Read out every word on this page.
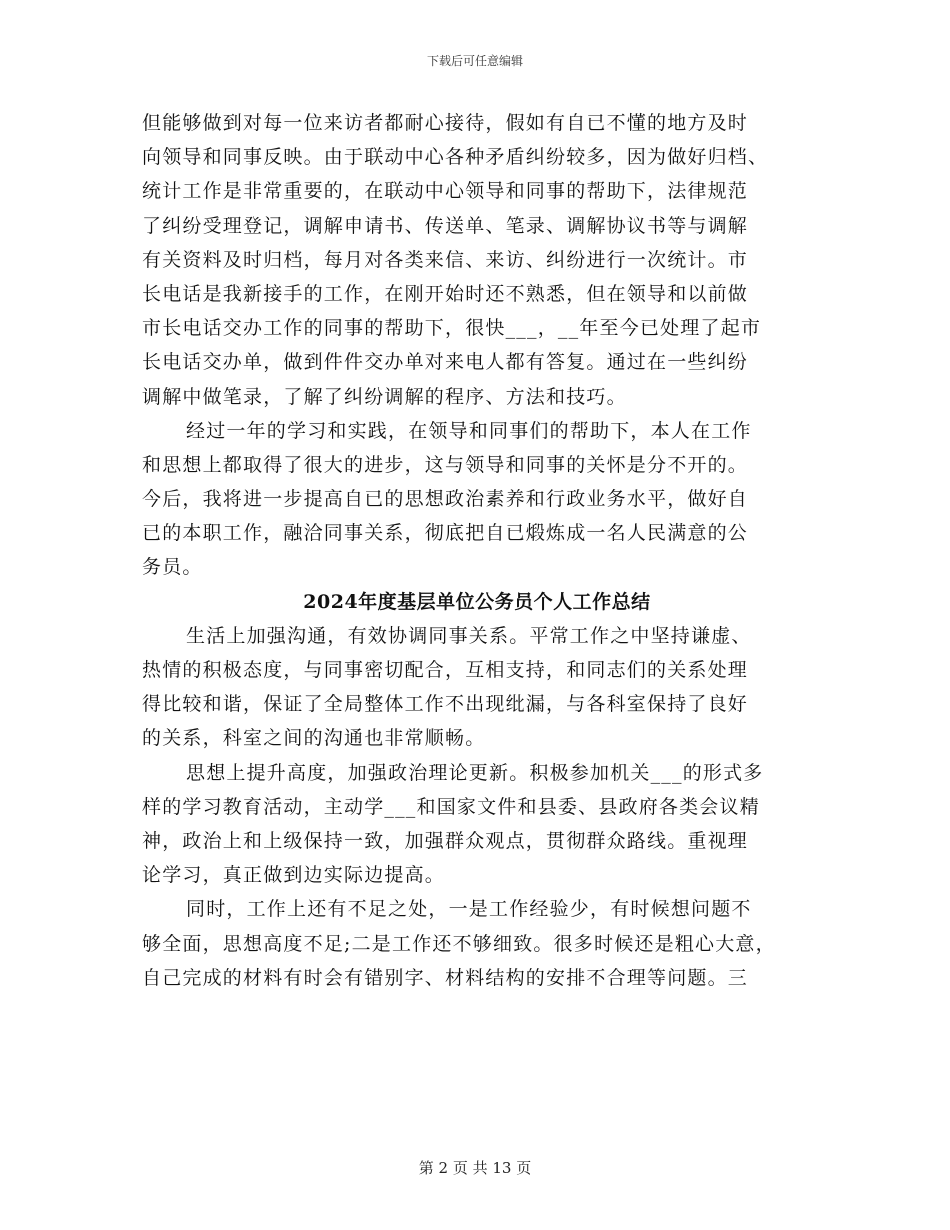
下载后可任意编辑
但能够做到对每一位来访者都耐心接待，假如有自已不懂的地方及时
向领导和同事反映。由于联动中心各种矛盾纠纷较多，因为做好归档、
统计工作是非常重要的，在联动中心领导和同事的帮助下，法律规范
了纠纷受理登记，调解申请书、传送单、笔录、调解协议书等与调解
有关资料及时归档，每月对各类来信、来访、纠纷进行一次统计。市
长电话是我新接手的工作，在刚开始时还不熟悉，但在领导和以前做
市长电话交办工作的同事的帮助下，很快___，__年至今已处理了起市
长电话交办单，做到件件交办单对来电人都有答复。通过在一些纠纷
调解中做笔录，了解了纠纷调解的程序、方法和技巧。
经过一年的学习和实践，在领导和同事们的帮助下，本人在工作
和思想上都取得了很大的进步，这与领导和同事的关怀是分不开的。
今后，我将进一步提高自已的思想政治素养和行政业务水平，做好自
已的本职工作，融洽同事关系，彻底把自已煅炼成一名人民满意的公
务员。
2024年度基层单位公务员个人工作总结
生活上加强沟通，有效协调同事关系。平常工作之中坚持谦虚、
热情的积极态度，与同事密切配合，互相支持，和同志们的关系处理
得比较和谐，保证了全局整体工作不出现纰漏，与各科室保持了良好
的关系，科室之间的沟通也非常顺畅。
思想上提升高度，加强政治理论更新。积极参加机关___的形式多
样的学习教育活动，主动学___和国家文件和县委、县政府各类会议精
神，政治上和上级保持一致，加强群众观点，贯彻群众路线。重视理
论学习，真正做到边实际边提高。
同时，工作上还有不足之处，一是工作经验少，有时候想问题不
够全面，思想高度不足;二是工作还不够细致。很多时候还是粗心大意，
自己完成的材料有时会有错别字、材料结构的安排不合理等问题。三
第 2 页 共 13 页
